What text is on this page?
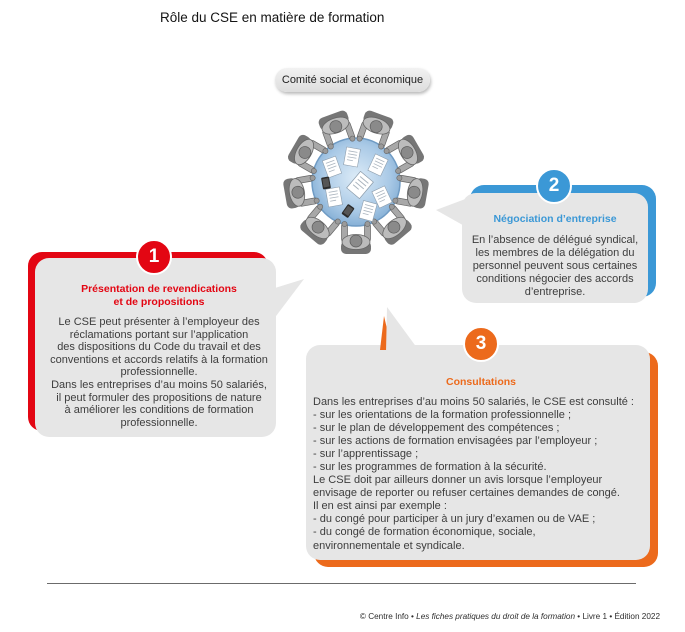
Rôle du CSE en matière de formation
Comité social et économique
1
2
3
Présentation de revendications
et de propositions
Le CSE peut présenter à l’employeur des
réclamations portant sur l’application
des dispositions du Code du travail et des
conventions et accords relatifs à la formation
professionnelle.
Dans les entreprises d’au moins 50 salariés,
il peut formuler des propositions de nature
à améliorer les conditions de formation
professionnelle.
Négociation d’entreprise
En l’absence de délégué syndical,
les membres de la délégation du
personnel peuvent sous certaines
conditions négocier des accords
d’entreprise.
Consultations
Dans les entreprises d’au moins 50 salariés, le CSE est consulté :
- sur les orientations de la formation professionnelle ;
- sur le plan de développement des compétences ;
- sur les actions de formation envisagées par l’employeur ;
- sur l’apprentissage ;
- sur les programmes de formation à la sécurité.
Le CSE doit par ailleurs donner un avis lorsque l’employeur
envisage de reporter ou refuser certaines demandes de congé.
Il en est ainsi par exemple :
- du congé pour participer à un jury d’examen ou de VAE ;
- du congé de formation économique, sociale,
environnementale et syndicale.
© Centre Info • Les fiches pratiques du droit de la formation • Livre 1 • Édition 2022
